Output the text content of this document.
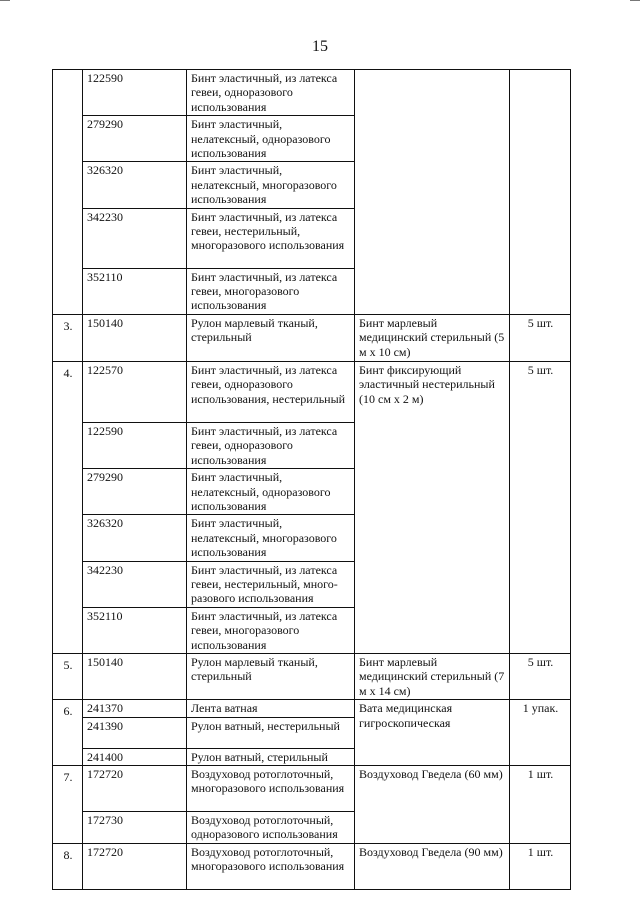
15
	122590	Бинт эластичный, из латекса гевеи, одноразового использования		
	279290	Бинт эластичный, нелатексный, одноразового использования		
	326320	Бинт эластичный, нелатексный, многоразового использования		
	342230	Бинт эластичный, из латекса гевеи, нестерильный, многоразового использования		
	352110	Бинт эластичный, из латекса гевеи, многоразового использования		
3.	150140	Рулон марлевый тканый, стерильный	Бинт марлевый медицинский стерильный (5 м х 10 см)	5 шт.
4.	122570	Бинт эластичный, из латекса гевеи, одноразового использования, нестерильный	Бинт фиксирующий эластичный нестерильный (10 см х 2 м)	5 шт.
	122590	Бинт эластичный, из латекса гевеи, одноразового использования		
	279290	Бинт эластичный, нелатексный, одноразового использования		
	326320	Бинт эластичный, нелатексный, многоразового использования		
	342230	Бинт эластичный, из латекса гевеи, нестерильный, много-разового использования		
	352110	Бинт эластичный, из латекса гевеи, многоразового использования		
5.	150140	Рулон марлевый тканый, стерильный	Бинт марлевый медицинский стерильный (7 м х 14 см)	5 шт.
6.	241370	Лента ватная	Вата медицинская гигроскопическая	1 упак.
	241390	Рулон ватный, нестерильный		
	241400	Рулон ватный, стерильный		
7.	172720	Воздуховод ротоглоточный, многоразового использования	Воздуховод Гведела (60 мм)	1 шт.
	172730	Воздуховод ротоглоточный, одноразового использования		
8.	172720	Воздуховод ротоглоточный, многоразового использования	Воздуховод Гведела (90 мм)	1 шт.
